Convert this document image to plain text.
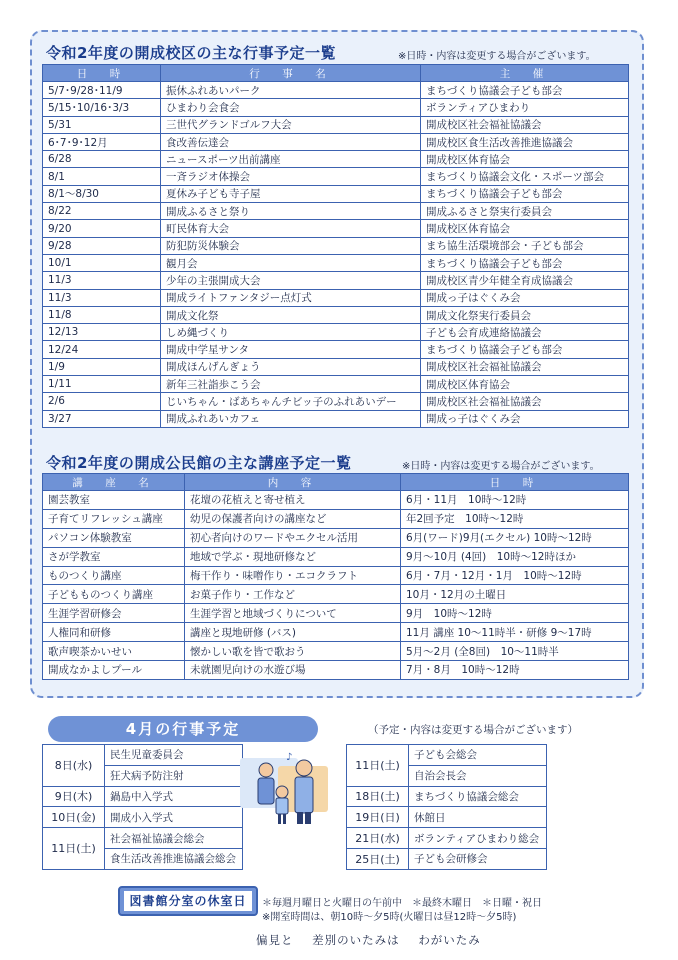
令和2年度の開成校区の主な行事予定一覧	※日時・内容は変更する場合がございます。
日　時	行　事　名	主　催
5/7･9/28･11/9	振休ふれあいパーク	まちづくり協議会子ども部会
5/15･10/16･3/3	ひまわり会食会	ボランティアひまわり
5/31	三世代グランドゴルフ大会	開成校区社会福祉協議会
6･7･9･12月	食改善伝達会	開成校区食生活改善推進協議会
6/28	ニュースポーツ出前講座	開成校区体育協会
8/1	一斉ラジオ体操会	まちづくり協議会文化・スポーツ部会
8/1～8/30	夏休み子ども寺子屋	まちづくり協議会子ども部会
8/22	開成ふるさと祭り	開成ふるさと祭実行委員会
9/20	町民体育大会	開成校区体育協会
9/28	防犯防災体験会	まち協生活環境部会・子ども部会
10/1	観月会	まちづくり協議会子ども部会
11/3	少年の主張開成大会	開成校区青少年健全育成協議会
11/3	開成ライトファンタジー点灯式	開成っ子はぐくみ会
11/8	開成文化祭	開成文化祭実行委員会
12/13	しめ縄づくり	子ども会育成連絡協議会
12/24	開成中学星サンタ	まちづくり協議会子ども部会
1/9	開成ほんげんぎょう	開成校区社会福祉協議会
1/11	新年三社詣歩こう会	開成校区体育協会
2/6	じいちゃん・ばあちゃんチビッ子のふれあいデー	開成校区社会福祉協議会
3/27	開成ふれあいカフェ	開成っ子はぐくみ会
令和2年度の開成公民館の主な講座予定一覧	※日時・内容は変更する場合がございます。
講　座　名	内　容	日　時
園芸教室	花壇の花植えと寄せ植え	6月・11月　10時～12時
子育てリフレッシュ講座	幼児の保護者向けの講座など	年2回予定　10時～12時
パソコン体験教室	初心者向けのワードやエクセル活用	6月(ワード)9月(エクセル) 10時～12時
さが学教室	地域で学ぶ・現地研修など	9月～10月 (4回)　10時～12時ほか
ものつくり講座	梅干作り・味噌作り・エコクラフト	6月・7月・12月・1月　10時～12時
子どもものつくり講座	お菓子作り・工作など	10月・12月の土曜日
生涯学習研修会	生涯学習と地域づくりについて	9月　10時～12時
人権同和研修	講座と現地研修 (バス)	11月 講座 10～11時半・研修 9～17時
歌声喫茶かいせい	懐かしい歌を皆で歌おう	5月～2月 (全8回)　10～11時半
開成なかよしプール	未就園児向けの水遊び場	7月・8月　10時～12時
4月の行事予定	（予定・内容は変更する場合がございます）
8日(水)	民生児童委員会
	狂犬病予防注射
9日(木)	鍋島中入学式
10日(金)	開成小入学式
11日(土)	社会福祉協議会総会
	食生活改善推進協議会総会
♪
11日(土)	子ども会総会
	自治会長会
18日(土)	まちづくり協議会総会
19日(日)	休館日
21日(水)	ボランティアひまわり総会
25日(土)	子ども会研修会
図書館分室の休室日	＊毎週月曜日と火曜日の午前中　＊最終木曜日　＊日曜・祝日
※開室時間は、朝10時～夕5時(火曜日は昼12時～夕5時)
偏見と 差別のいたみは わがいたみ
